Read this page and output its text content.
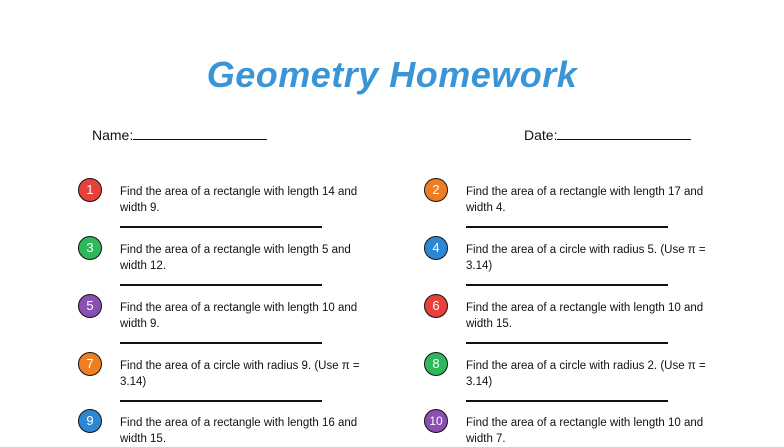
Geometry Homework
Name:	Date:
1	Find the area of a rectangle with length 14 and width 9.
2	Find the area of a rectangle with length 17 and width 4.
3	Find the area of a rectangle with length 5 and width 12.
4	Find the area of a circle with radius 5. (Use π = 3.14)
5	Find the area of a rectangle with length 10 and width 9.
6	Find the area of a rectangle with length 10 and width 15.
7	Find the area of a circle with radius 9. (Use π = 3.14)
8	Find the area of a circle with radius 2. (Use π = 3.14)
9	Find the area of a rectangle with length 16 and width 15.
10	Find the area of a rectangle with length 10 and width 7.
